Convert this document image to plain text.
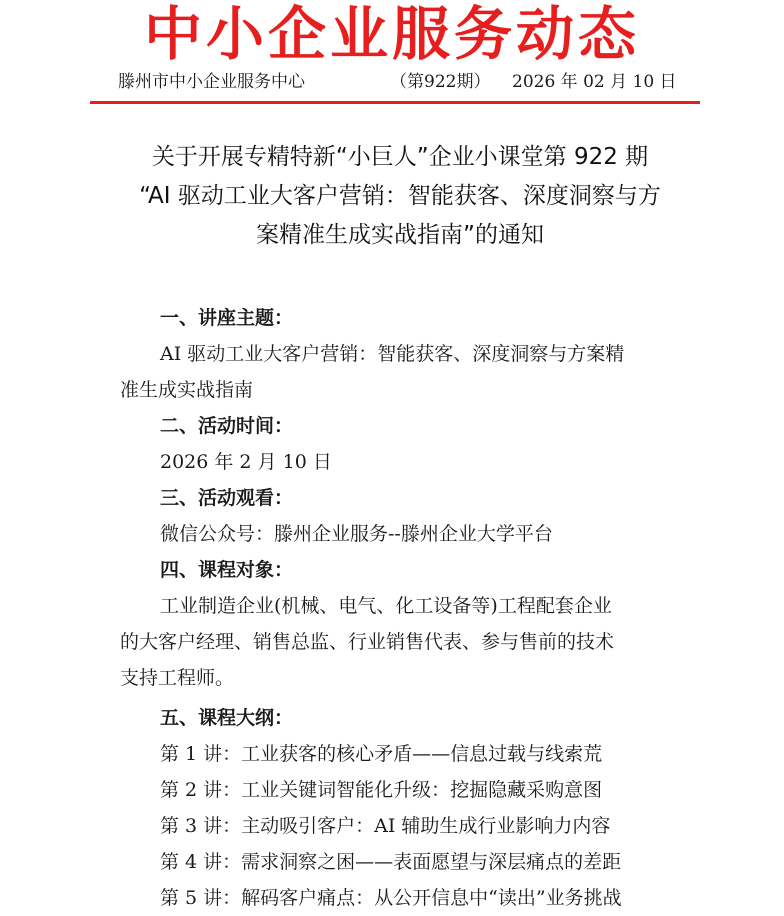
中小企业服务动态
滕州市中小企业服务中心	（第922期） 2026 年 02 月 10 日
关于开展专精特新“小巨人”企业小课堂第 922 期
“AI 驱动工业大客户营销：智能获客、深度洞察与方
案精准生成实战指南”的通知
一、讲座主题：
AI 驱动工业大客户营销：智能获客、深度洞察与方案精
准生成实战指南
二、活动时间：
2026 年 2 月 10 日
三、活动观看：
微信公众号：滕州企业服务--滕州企业大学平台
四、课程对象：
工业制造企业(机械、电气、化工设备等)工程配套企业
的大客户经理、销售总监、行业销售代表、参与售前的技术
支持工程师。
五、课程大纲：
第 1 讲：工业获客的核心矛盾——信息过载与线索荒
第 2 讲：工业关键词智能化升级：挖掘隐藏采购意图
第 3 讲：主动吸引客户：AI 辅助生成行业影响力内容
第 4 讲：需求洞察之困——表面愿望与深层痛点的差距
第 5 讲：解码客户痛点：从公开信息中“读出”业务挑战
